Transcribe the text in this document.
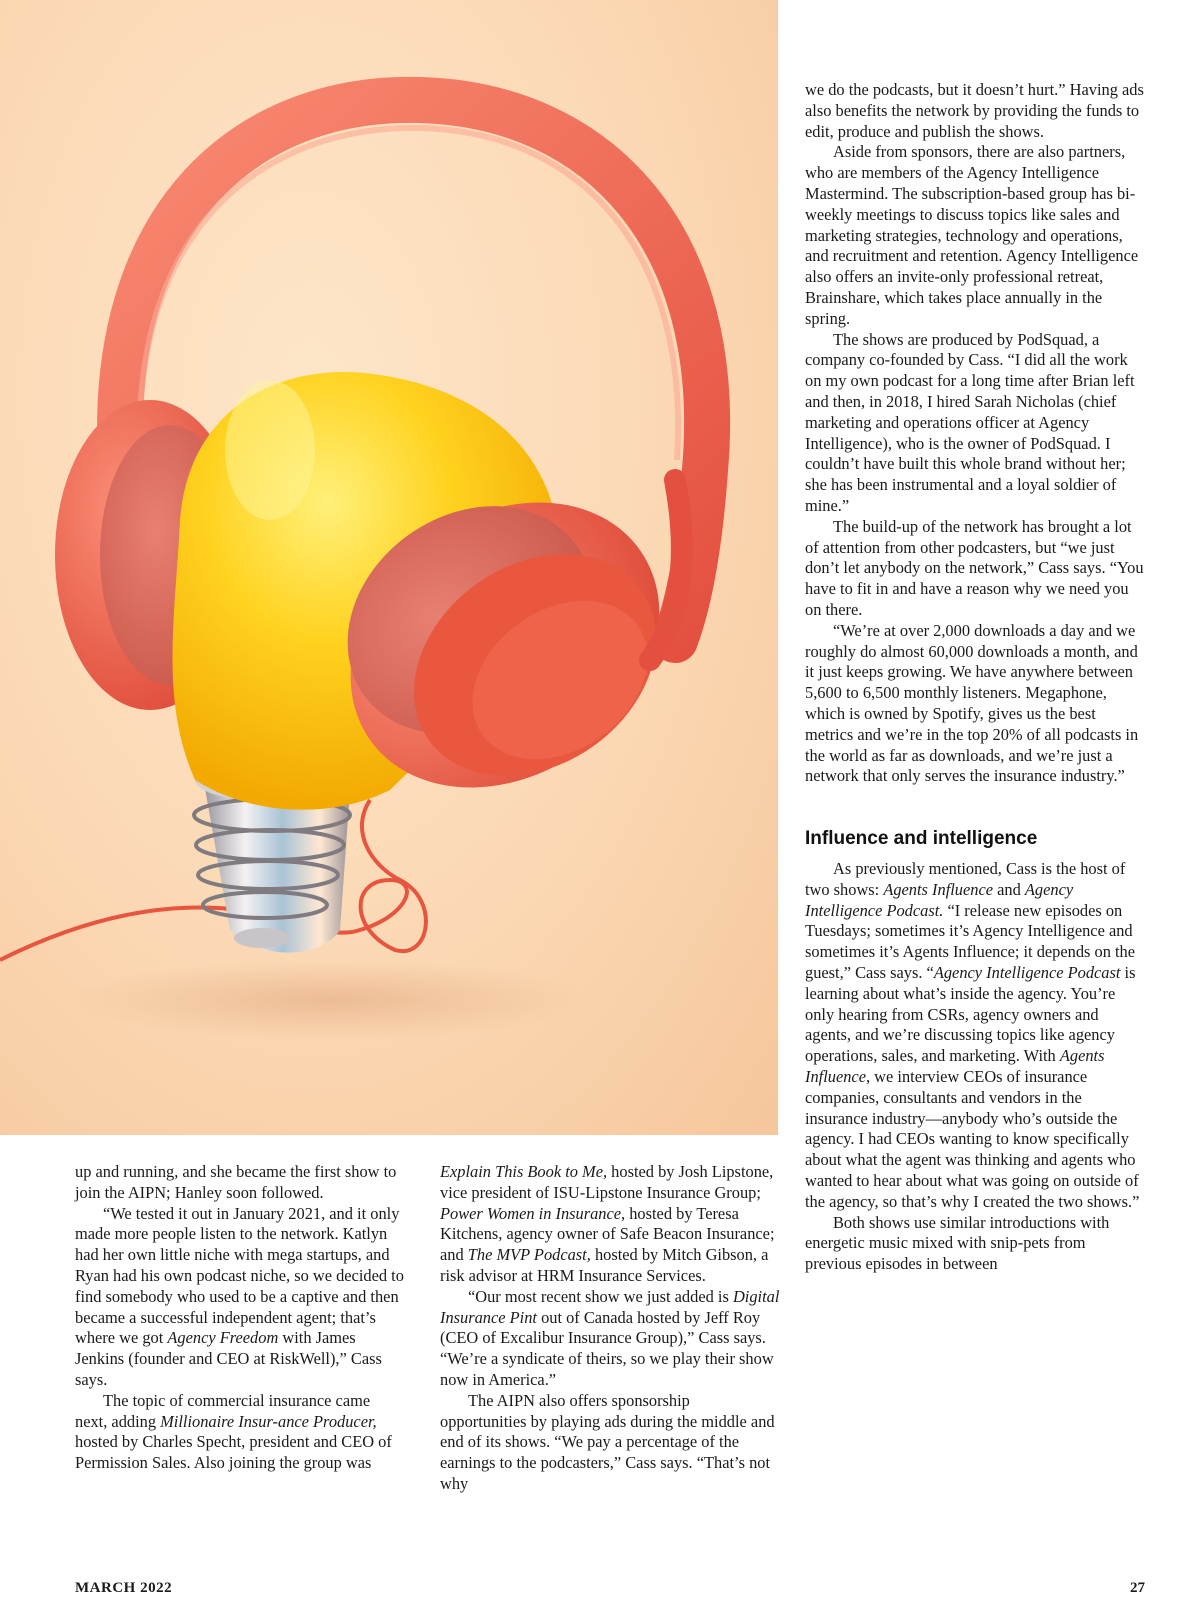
we do the podcasts, but it doesn’t hurt.” Having ads also benefits the network by providing the funds to edit, produce and publish the shows.

Aside from sponsors, there are also partners, who are members of the Agency Intelligence Mastermind. The subscription-based group has bi-weekly meetings to discuss topics like sales and marketing strategies, technology and operations, and recruitment and retention. Agency Intelligence also offers an invite-only professional retreat, Brainshare, which takes place annually in the spring.

The shows are produced by PodSquad, a company co-founded by Cass. “I did all the work on my own podcast for a long time after Brian left and then, in 2018, I hired Sarah Nicholas (chief marketing and operations officer at Agency Intelligence), who is the owner of PodSquad. I couldn’t have built this whole brand without her; she has been instrumental and a loyal soldier of mine.”

The build-up of the network has brought a lot of attention from other podcasters, but “we just don’t let anybody on the network,” Cass says. “You have to fit in and have a reason why we need you on there.

“We’re at over 2,000 downloads a day and we roughly do almost 60,000 downloads a month, and it just keeps growing. We have anywhere between 5,600 to 6,500 monthly listeners. Megaphone, which is owned by Spotify, gives us the best metrics and we’re in the top 20% of all podcasts in the world as far as downloads, and we’re just a network that only serves the insurance industry.”

Influence and intelligence

As previously mentioned, Cass is the host of two shows: Agents Influence and Agency Intelligence Podcast. “I release new episodes on Tuesdays; sometimes it’s Agency Intelligence and sometimes it’s Agents Influence; it depends on the guest,” Cass says. “Agency Intelligence Podcast is learning about what’s inside the agency. You’re only hearing from CSRs, agency owners and agents, and we’re discussing topics like agency operations, sales, and marketing. With Agents Influence, we interview CEOs of insurance companies, consultants and vendors in the insurance industry—anybody who’s outside the agency. I had CEOs wanting to know specifically about what the agent was thinking and agents who wanted to hear about what was going on outside of the agency, so that’s why I created the two shows.”

Both shows use similar introductions with energetic music mixed with snip-pets from previous episodes in between

up and running, and she became the first show to join the AIPN; Hanley soon followed.

“We tested it out in January 2021, and it only made more people listen to the network. Katlyn had her own little niche with mega startups, and Ryan had his own podcast niche, so we decided to find somebody who used to be a captive and then became a successful independent agent; that’s where we got Agency Freedom with James Jenkins (founder and CEO at RiskWell),” Cass says.

The topic of commercial insurance came next, adding Millionaire Insur-ance Producer, hosted by Charles Specht, president and CEO of Permission Sales. Also joining the group was

Explain This Book to Me, hosted by Josh Lipstone, vice president of ISU-Lipstone Insurance Group; Power Women in Insurance, hosted by Teresa Kitchens, agency owner of Safe Beacon Insurance; and The MVP Podcast, hosted by Mitch Gibson, a risk advisor at HRM Insurance Services.

“Our most recent show we just added is Digital Insurance Pint out of Canada hosted by Jeff Roy (CEO of Excalibur Insurance Group),” Cass says. “We’re a syndicate of theirs, so we play their show now in America.”

The AIPN also offers sponsorship opportunities by playing ads during the middle and end of its shows. “We pay a percentage of the earnings to the podcasters,” Cass says. “That’s not why

MARCH 2022	27
